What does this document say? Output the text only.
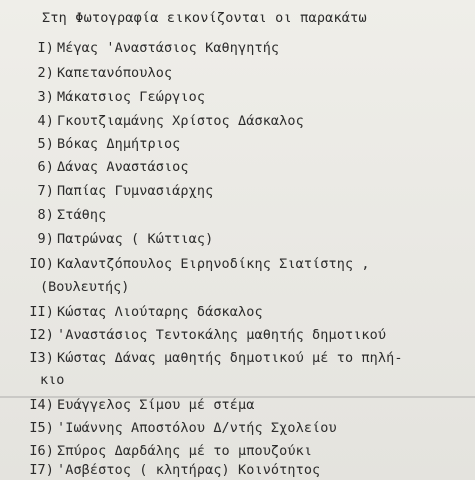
Στη Φωτογραφία εικονίζονται οι παρακάτω
I) Μέγας 'Αναστάσιος Καθηγητής
2) Καπετανόπουλος
3) Μάκατσιος Γεώργιος
4) Γκουτζιαμάνης Χρίστος Δάσκαλος
5) Βόκας Δημήτριος
6) Δάνας Αναστάσιος
7) Παπίας Γυμνασιάρχης
8) Στάθης
9) Πατρώνας ( Κώττιας)
IO) Καλαντζόπουλος Ειρηνοδίκης Σιατίστης ,
(Βουλευτής)
II) Κώστας Λιούταρης δάσκαλος
I2) 'Αναστάσιος Τεντοκάλης μαθητής δημοτικού
I3) Κώστας Δάνας μαθητής δημοτικού μέ το πηλή-
κιο
I4) Ευάγγελος Σίμου μέ στέμα
I5) 'Ιωάννης Αποστόλου Δ/ντής Σχολείου
I6) Σπύρος Δαρδάλης μέ το μπουζούκι
I7) 'Ασβέστος ( κλητήρας) Κοινότητος
